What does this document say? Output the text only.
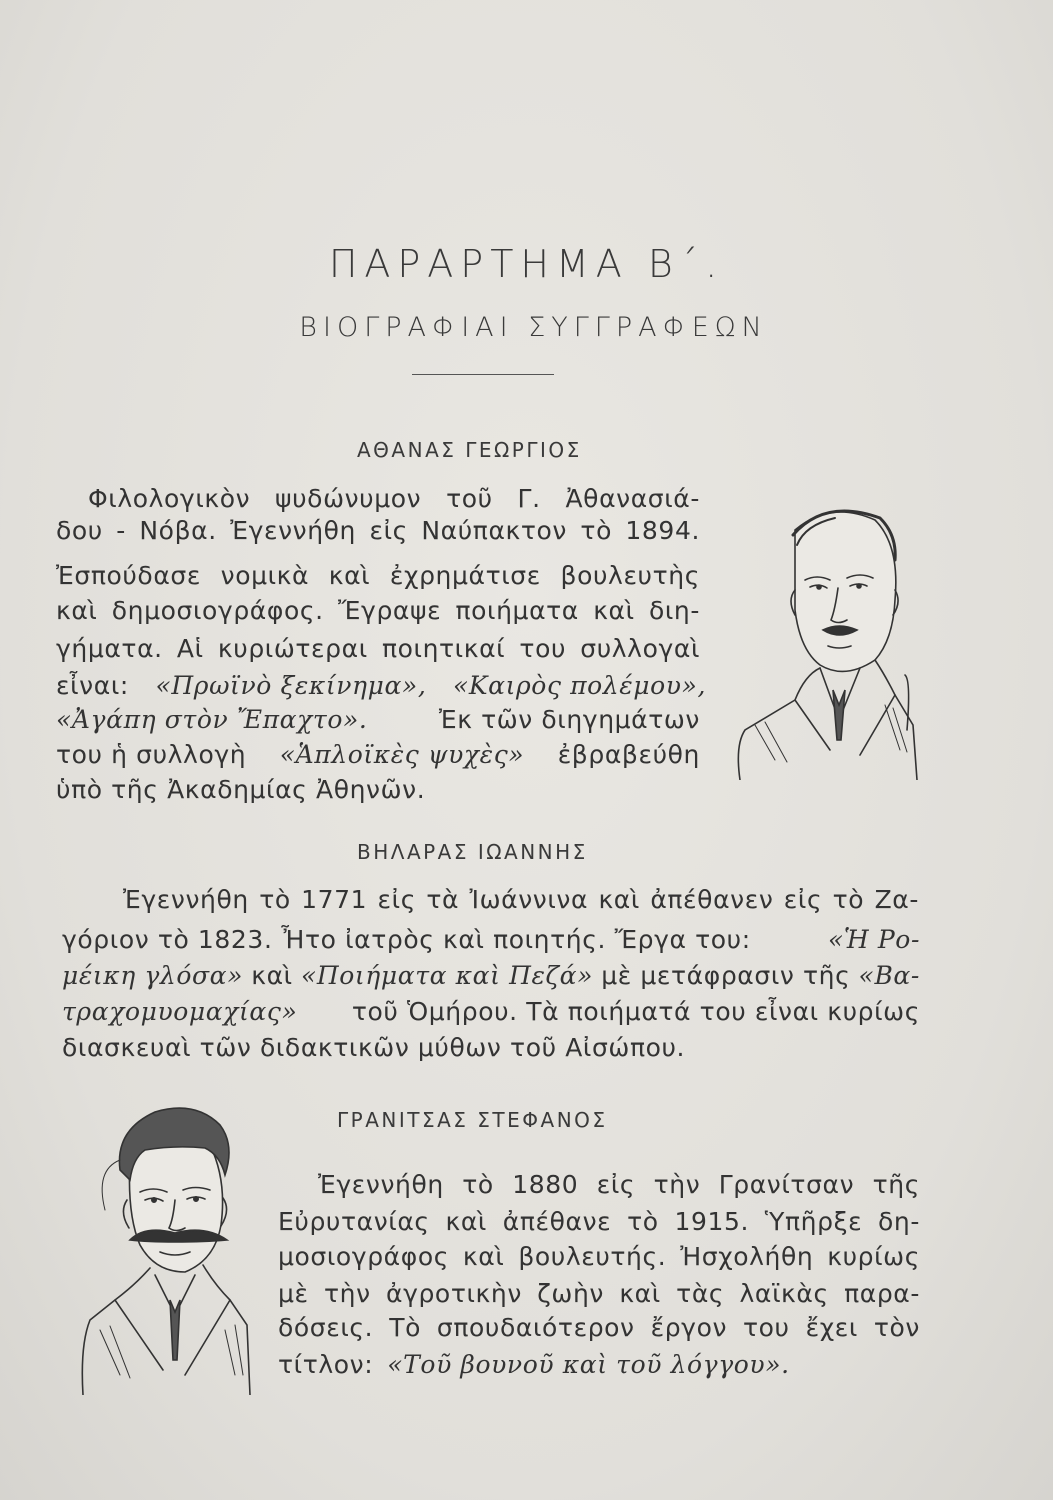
ΠΑΡΑΡΤΗΜΑ Β΄.
ΒΙΟΓΡΑΦΙΑΙ ΣΥΓΓΡΑΦΕΩΝ
ΑΘΑΝΑΣ ΓΕΩΡΓΙΟΣ
Φιλολογικὸν ψυδώνυμον τοῦ Γ. Ἀθανασιά-
δου - Νόβα. Ἐγεννήθη εἰς Ναύπακτον τὸ 1894.
Ἐσπούδασε νομικὰ καὶ ἐχρημάτισε βουλευτὴς
καὶ δημοσιογράφος. Ἔγραψε ποιήματα καὶ διη-
γήματα. Αἱ κυριώτεραι ποιητικαί του συλλογαὶ
εἶναι: «Πρωϊνὸ ξεκίνημα», «Καιρὸς πολέμου»,
«Ἀγάπη στὸν Ἔπαχτο».	Ἐκ τῶν διηγημάτων
του ἡ συλλογὴ «Ἁπλοϊκὲς ψυχὲς» ἐβραβεύθη
ὑπὸ τῆς Ἀκαδημίας Ἀθηνῶν.
ΒΗΛΑΡΑΣ ΙΩΑΝΝΗΣ
Ἐγεννήθη τὸ 1771 εἰς τὰ Ἰωάννινα καὶ ἀπέθανεν εἰς τὸ Ζα-
γόριον τὸ 1823. Ἦτο ἰατρὸς καὶ ποιητής. Ἔργα του:	«Ἡ Ρο-
μέικη γλόσα» καὶ «Ποιήματα καὶ Πεζά» μὲ μετάφρασιν τῆς «Βα-
τραχομυομαχίας» τοῦ Ὁμήρου. Τὰ ποιήματά του εἶναι κυρίως
διασκευαὶ τῶν διδακτικῶν μύθων τοῦ Αἰσώπου.
ΓΡΑΝΙΤΣΑΣ ΣΤΕΦΑΝΟΣ
Ἐγεννήθη τὸ 1880 εἰς τὴν Γρανίτσαν τῆς
Εὐρυτανίας καὶ ἀπέθανε τὸ 1915. Ὑπῆρξε δη-
μοσιογράφος καὶ βουλευτής. Ἠσχολήθη κυρίως
μὲ τὴν ἀγροτικὴν ζωὴν καὶ τὰς λαϊκὰς παρα-
δόσεις. Τὸ σπουδαιότερον ἔργον του ἔχει τὸν
τίτλον: «Τοῦ βουνοῦ καὶ τοῦ λόγγου».
